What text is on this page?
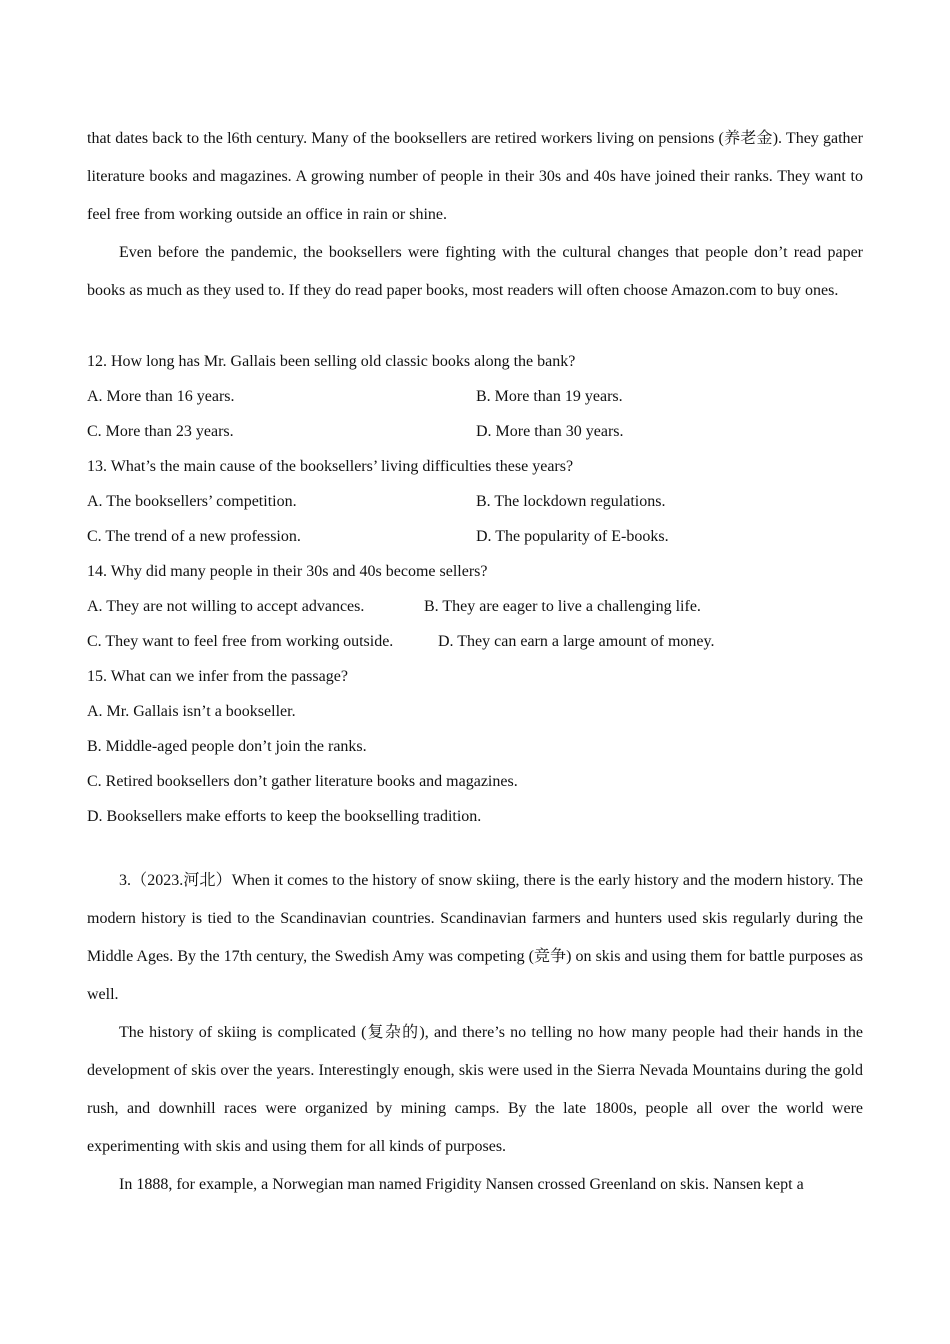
that dates back to the l6th century. Many of the booksellers are retired workers living on pensions (养老金). They gather literature books and magazines. A growing number of people in their 30s and 40s have joined their ranks. They want to feel free from working outside an office in rain or shine.

Even before the pandemic, the booksellers were fighting with the cultural changes that people don’t read paper books as much as they used to. If they do read paper books, most readers will often choose Amazon.com to buy ones.

12. How long has Mr. Gallais been selling old classic books along the bank?

A. More than 16 years.	B. More than 19 years.
C. More than 23 years.	D. More than 30 years.

13. What’s the main cause of the booksellers’ living difficulties these years?

A. The booksellers’ competition.	B. The lockdown regulations.
C. The trend of a new profession.	D. The popularity of E-books.

14. Why did many people in their 30s and 40s become sellers?

A. They are not willing to accept advances.	B. They are eager to live a challenging life.
C. They want to feel free from working outside.	D. They can earn a large amount of money.

15. What can we infer from the passage?

A. Mr. Gallais isn’t a bookseller.

B. Middle-aged people don’t join the ranks.

C. Retired booksellers don’t gather literature books and magazines.

D. Booksellers make efforts to keep the bookselling tradition.

3.（2023.河北）When it comes to the history of snow skiing, there is the early history and the modern history. The modern history is tied to the Scandinavian countries. Scandinavian farmers and hunters used skis regularly during the Middle Ages. By the 17th century, the Swedish Amy was competing (竞争) on skis and using them for battle purposes as well.

The history of skiing is complicated (复杂的), and there’s no telling no how many people had their hands in the development of skis over the years. Interestingly enough, skis were used in the Sierra Nevada Mountains during the gold rush, and downhill races were organized by mining camps. By the late 1800s, people all over the world were experimenting with skis and using them for all kinds of purposes.

In 1888, for example, a Norwegian man named Frigidity Nansen crossed Greenland on skis. Nansen kept a
